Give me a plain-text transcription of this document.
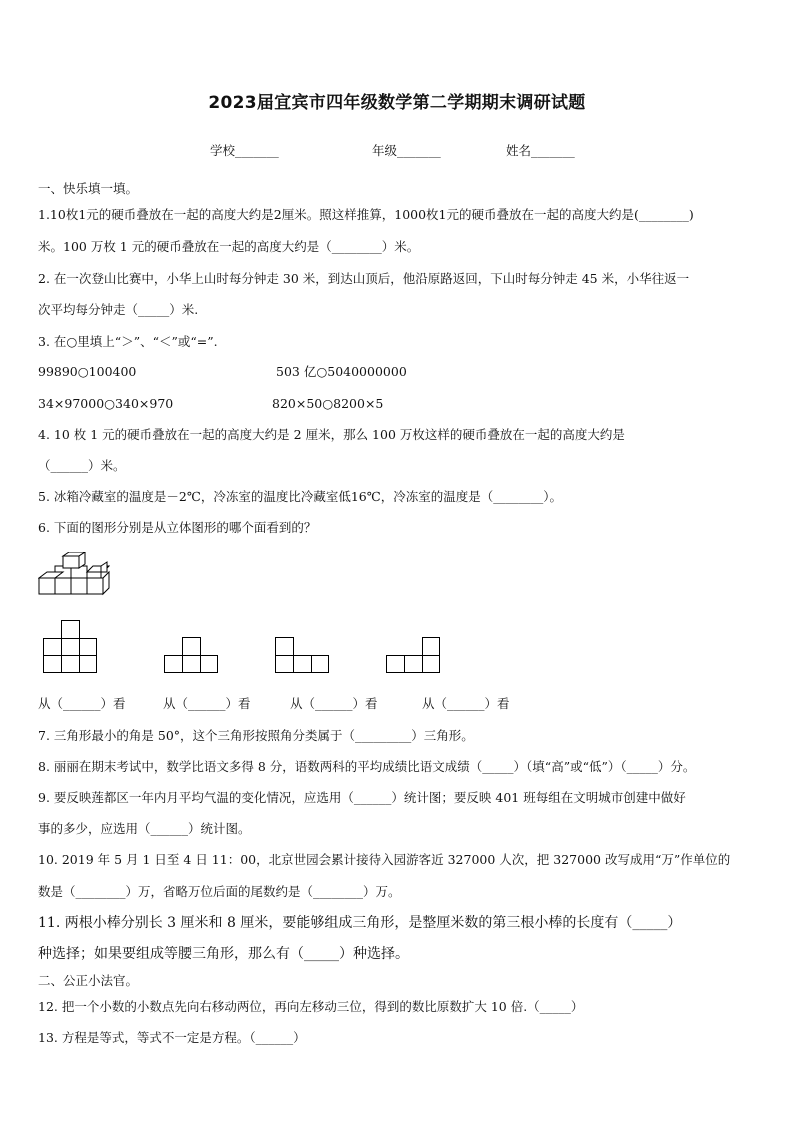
2023届宜宾市四年级数学第二学期期末调研试题
学校_______	年级_______	姓名_______
一、快乐填一填。
1.10枚1元的硬币叠放在一起的高度大约是2厘米。照这样推算，1000枚1元的硬币叠放在一起的高度大约是(________)
米。100 万枚 1 元的硬币叠放在一起的高度大约是（________）米。
2. 在一次登山比赛中，小华上山时每分钟走 30 米，到达山顶后，他沿原路返回，下山时每分钟走 45 米，小华往返一
次平均每分钟走（_____）米.
3. 在○里填上“＞”、“＜”或“=”.
99890○100400	503 亿○5040000000
34×97000○340×970	820×50○8200×5
4. 10 枚 1 元的硬币叠放在一起的高度大约是 2 厘米，那么 100 万枚这样的硬币叠放在一起的高度大约是
（______）米。
5. 冰箱冷藏室的温度是－2℃，冷冻室的温度比冷藏室低16℃，冷冻室的温度是（________）。
6. 下面的图形分别是从立体图形的哪个面看到的？
从（______）看	从（______）看	从（______）看	从（______）看
7. 三角形最小的角是 50°，这个三角形按照角分类属于（_________）三角形。
8. 丽丽在期末考试中，数学比语文多得 8 分，语数两科的平均成绩比语文成绩（_____）（填“高”或“低”）（_____）分。
9. 要反映莲都区一年内月平均气温的变化情况，应选用（______）统计图；要反映 401 班每组在文明城市创建中做好
事的多少，应选用（______）统计图。
10. 2019 年 5 月 1 日至 4 日 11：00，北京世园会累计接待入园游客近 327000 人次，把 327000 改写成用“万”作单位的
数是（________）万，省略万位后面的尾数约是（________）万。
11. 两根小棒分别长 3 厘米和 8 厘米，要能够组成三角形，是整厘米数的第三根小棒的长度有（_____）
种选择；如果要组成等腰三角形，那么有（_____）种选择。
二、公正小法官。
12. 把一个小数的小数点先向右移动两位，再向左移动三位，得到的数比原数扩大 10 倍.（_____）
13. 方程是等式，等式不一定是方程。（______）
